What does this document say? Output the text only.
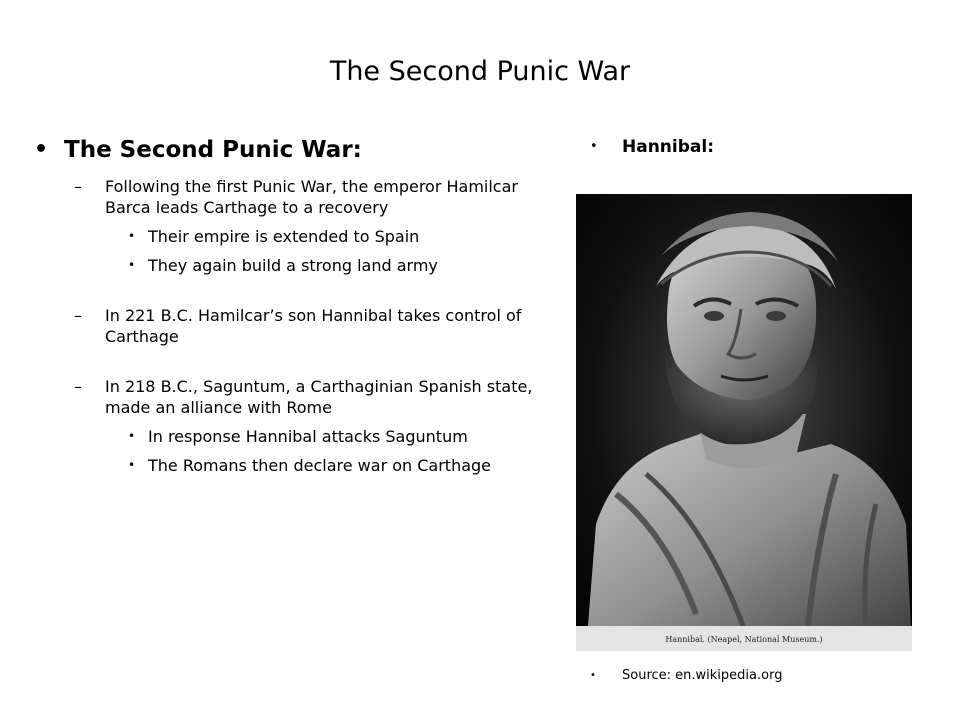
The Second Punic War
• The Second Punic War:
– Following the first Punic War, the emperor Hamilcar Barca leads Carthage to a recovery
• Their empire is extended to Spain
• They again build a strong land army
– In 221 B.C. Hamilcar’s son Hannibal takes control of Carthage
– In 218 B.C., Saguntum, a Carthaginian Spanish state, made an alliance with Rome
• In response Hannibal attacks Saguntum
• The Romans then declare war on Carthage
• Hannibal:
Hannibal. (Neapel, National Museum.)
• Source: en.wikipedia.org
